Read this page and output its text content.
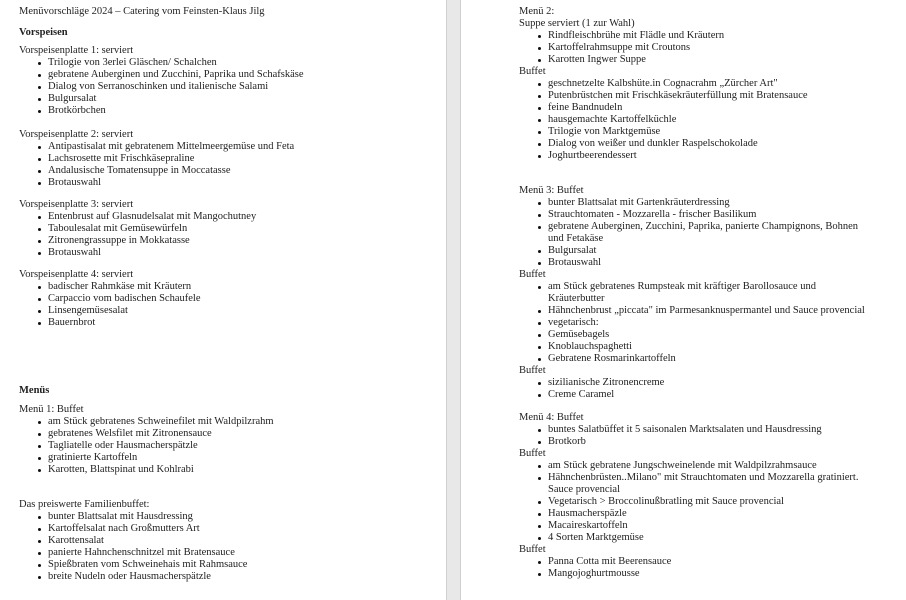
Menüvorschläge 2024 – Catering vom Feinsten-Klaus Jilg
Vorspeisen
Vorspeisenplatte 1: serviert
Trilogie von 3erlei Gläschen/ Schalchen
gebratene Auberginen und Zucchini, Paprika und Schafskäse
Dialog von Serranoschinken und italienische Salami
Bulgursalat
Brotkörbchen
Vorspeisenplatte 2: serviert
Antipastisalat mit gebratenem Mittelmeergemüse und Feta
Lachsrosette mit Frischkäsepraline
Andalusische Tomatensuppe in Moccatasse
Brotauswahl
Vorspeisenplatte 3: serviert
Entenbrust auf Glasnudelsalat mit Mangochutney
Taboulesalat mit Gemüsewürfeln
Zitronengrassuppe in Mokkatasse
Brotauswahl
Vorspeisenplatte 4: serviert
badischer Rahmkäse mit Kräutern
Carpaccio vom badischen Schaufele
Linsengemüsesalat
Bauernbrot
Menüs
Menü 1: Buffet
am Stück gebratenes Schweinefilet mit Waldpilzrahm
gebratenes Welsfilet mit Zitronensauce
Tagliatelle oder Hausmacherspätzle
gratinierte Kartoffeln
Karotten, Blattspinat und Kohlrabi
Das preiswerte Familienbuffet:
bunter Blattsalat mit Hausdressing
Kartoffelsalat nach Großmutters Art
Karottensalat
panierte Hahnchenschnitzel mit Bratensauce
Spießbraten vom Schweinehais mit Rahmsauce
breite Nudeln oder Hausmacherspätzle
Menü 2:
Suppe serviert (1 zur Wahl)
Rindfleischbrühe mit Flädle und Kräutern
Kartoffelrahmsuppe mit Croutons
Karotten Ingwer Suppe
Buffet
geschnetzelte Kalbshüte.in Cognacrahm „Zürcher Art"
Putenbrüstchen mit Frischkäsekräuterfüllung mit Bratensauce
feine Bandnudeln
hausgemachte Kartoffelküchle
Trilogie von Marktgemüse
Dialog von weißer und dunkler Raspelschokolade
Joghurtbeerendessert
Menü 3: Buffet
bunter Blattsalat mit Gartenkräuterdressing
Strauchtomaten - Mozzarella - frischer Basilikum
gebratene Auberginen, Zucchini, Paprika, panierte Champignons, Bohnen und Fetakäse
Bulgursalat
Brotauswahl
Buffet
am Stück gebratenes Rumpsteak mit kräftiger Barollosauce und Kräuterbutter
Hähnchenbrust „piccata" im Parmesanknuspermantel und Sauce provencial
vegetarisch:
Gemüsebagels
Knoblauchspaghetti
Gebratene Rosmarinkartoffeln
Buffet
sizilianische Zitronencreme
Creme Caramel
Menü 4: Buffet
buntes Salatbüffet it 5 saisonalen Marktsalaten und Hausdressing
Brotkorb
Buffet
am Stück gebratene Jungschweinelende mit Waldpilzrahmsauce
Hähnchenbrüsten..Milano" mit Strauchtomaten und Mozzarella gratiniert. Sauce provencial
Vegetarisch > Broccolinußbratling mit Sauce provencial
Hausmacherspäzle
Macaireskartoffeln
4 Sorten Marktgemüse
Buffet
Panna Cotta mit Beerensauce
Mangojoghurtmousse
